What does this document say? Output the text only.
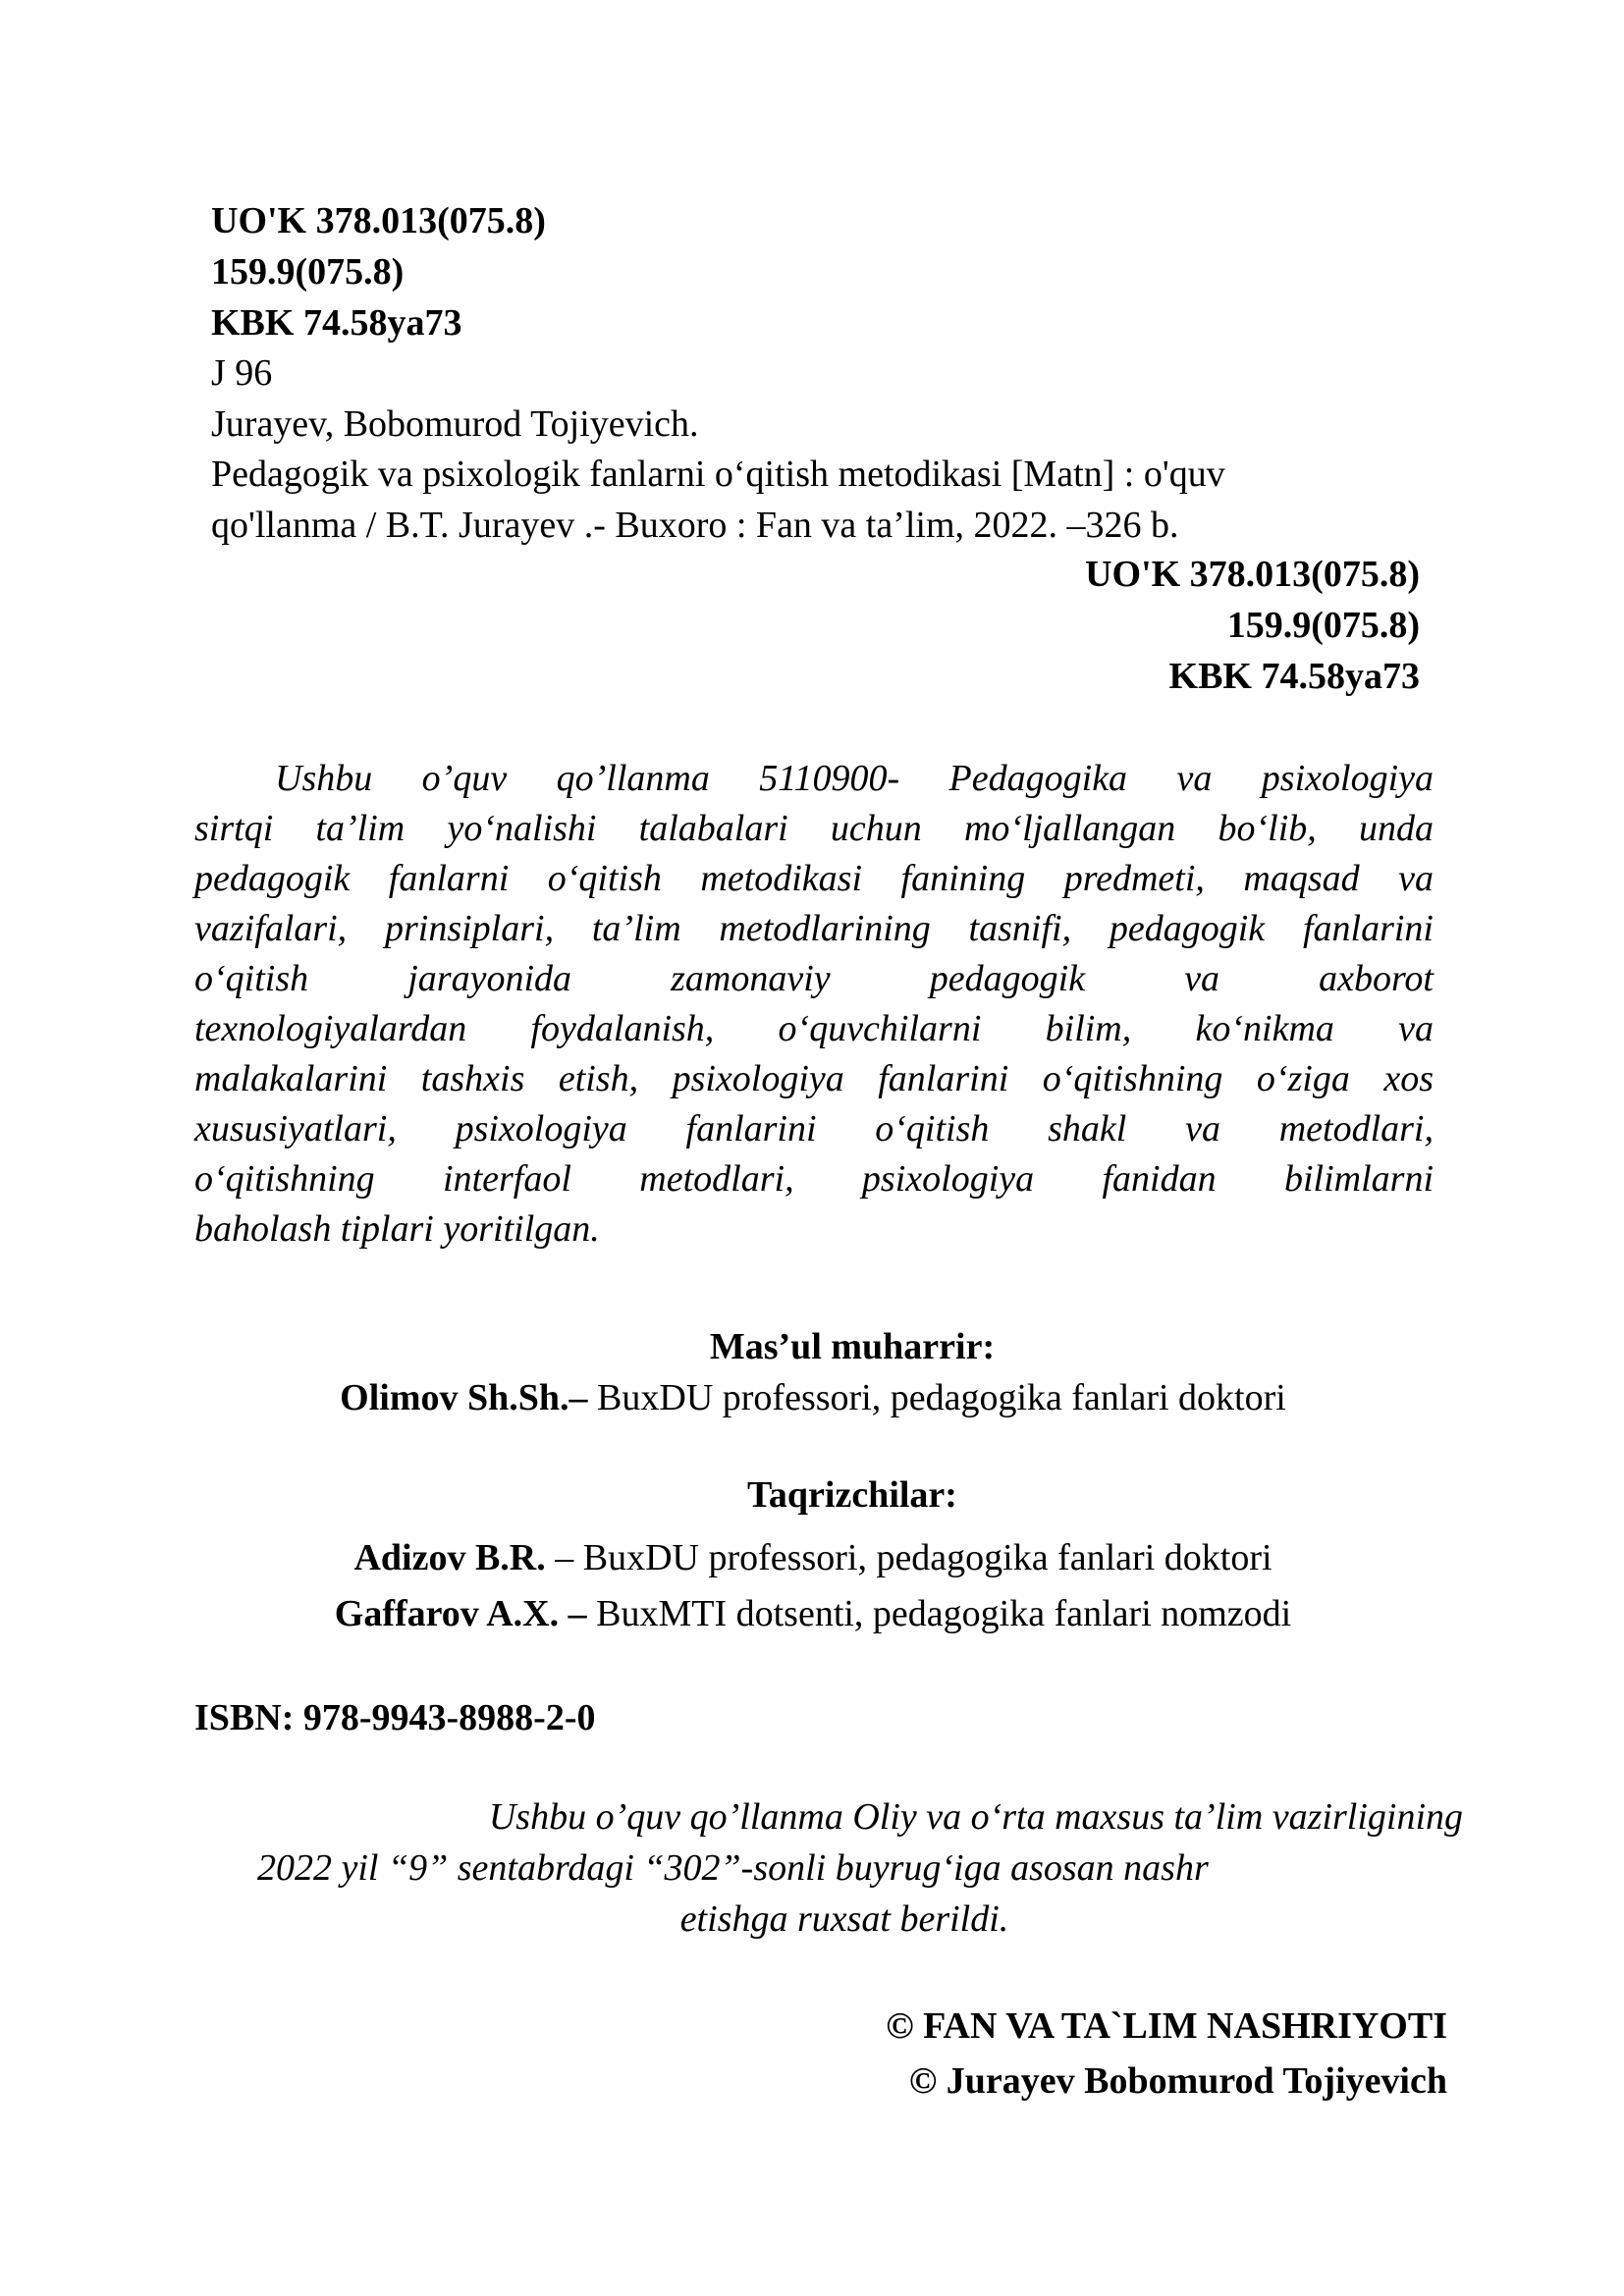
UO'K 378.013(075.8)
159.9(075.8)
KBK 74.58ya73
J 96
Jurayev, Bobomurod Tojiyevich.
Pedagogik va psixologik fanlarni oʻqitish metodikasi [Matn] : o'quv
qo'llanma / B.T. Jurayev .- Buxoro : Fan va ta’lim, 2022. –326 b.
UO'K 378.013(075.8)
159.9(075.8)
KBK 74.58ya73
Ushbu o’quv qo’llanma 5110900- Pedagogika va psixologiya
sirtqi ta’lim yo‘nalishi talabalari uchun mo‘ljallangan bo‘lib, unda
pedagogik fanlarni o‘qitish metodikasi fanining predmeti, maqsad va
vazifalari, prinsiplari, ta’lim metodlarining tasnifi, pedagogik fanlarini
o‘qitish jarayonida zamonaviy pedagogik va axborot
texnologiyalardan foydalanish, o‘quvchilarni bilim, ko‘nikma va
malakalarini tashxis etish, psixologiya fanlarini o‘qitishning o‘ziga xos
xususiyatlari, psixologiya fanlarini o‘qitish shakl va metodlari,
o‘qitishning interfaol metodlari, psixologiya fanidan bilimlarni
baholash tiplari yoritilgan.
Mas’ul muharrir:
Olimov Sh.Sh.– BuxDU professori, pedagogika fanlari doktori
Taqrizchilar:
Adizov B.R. – BuxDU professori, pedagogika fanlari doktori
Gaffarov A.X. – BuxMTI dotsenti, pedagogika fanlari nomzodi
ISBN: 978-9943-8988-2-0
Ushbu o’quv qo’llanma Oliy va o‘rta maxsus ta’lim vazirligining
2022 yil “9” sentabrdagi “302”-sonli buyrug‘iga asosan nashr
etishga ruxsat berildi.
© FAN VA TA`LIM NASHRIYOTI
© Jurayev Bobomurod Tojiyevich
